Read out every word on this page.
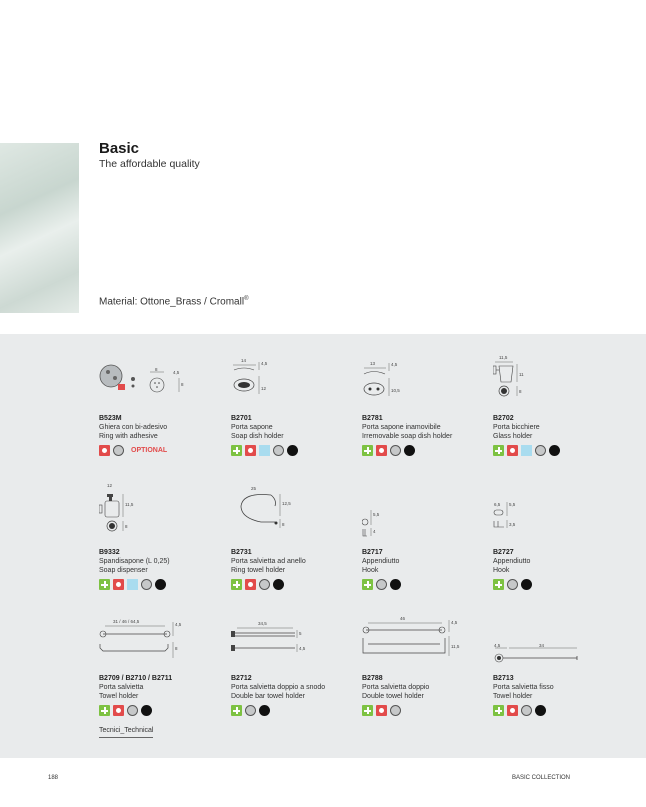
Basic
The affordable quality
Material: Ottone_Brass / Cromall®
8
4,5
8
B523M
Ghiera con bi-adesivo
Ring with adhesive
OPTIONAL
14
4,5
12
B2701
Porta sapone
Soap dish holder
13	4,5
10,5
B2781
Porta sapone inamovibile
Irremovable soap dish holder
11,5
11
8
B2702
Porta bicchiere
Glass holder
12
11,5
8
B9332
Spandisapone (L 0,25)
Soap dispenser
25
12,5
8
B2731
Porta salvietta ad anello
Ring towel holder
5,5
4
B2717
Appendiutto
Hook
6,5 5,5
3,5
B2727
Appendiutto
Hook
31 / 46 / 64,5
4,5
8
B2709 / B2710 / B2711
Porta salvietta
Towel holder
34,5
5
4,5
B2712
Porta salvietta doppio a snodo
Double bar towel holder
46
4,5
11,5
B2788
Porta salvietta doppio
Double towel holder
4,5	34
B2713
Porta salvietta fisso
Towel holder
Tecnici_Technical
188	BASIC COLLECTION
